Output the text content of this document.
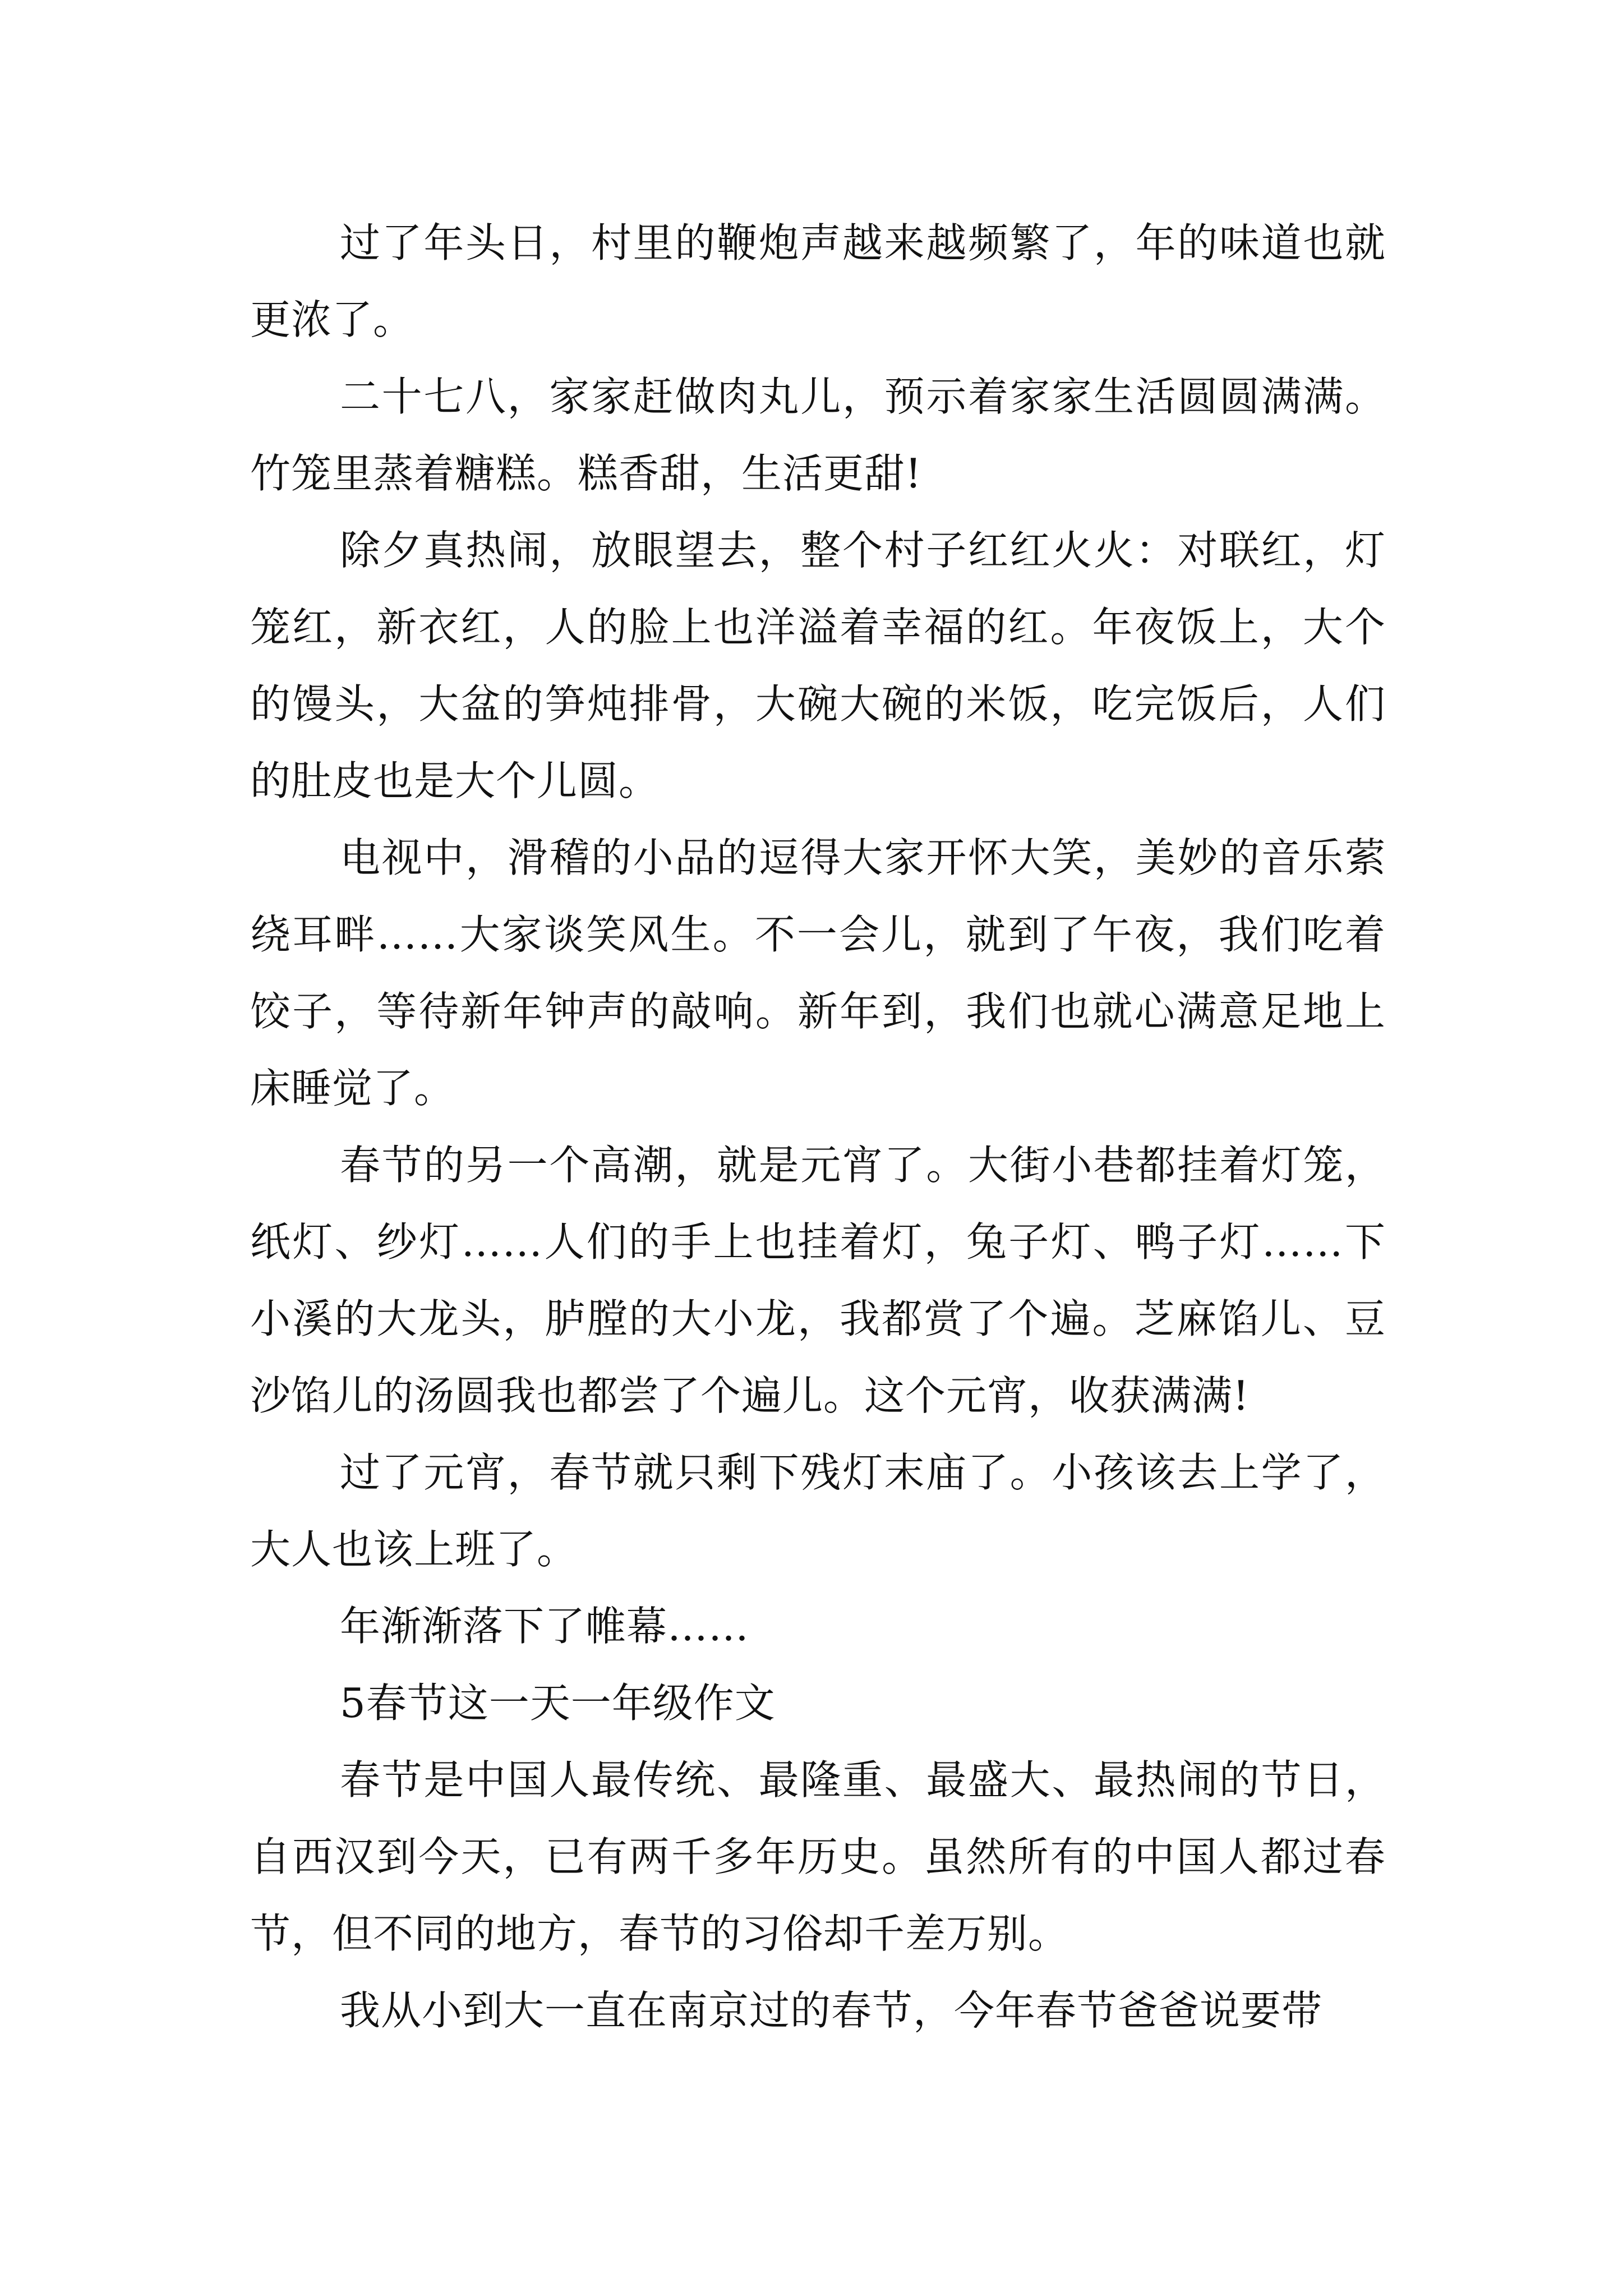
过了年头日，村里的鞭炮声越来越频繁了，年的味道也就更浓了。

二十七八，家家赶做肉丸儿，预示着家家生活圆圆满满。竹笼里蒸着糖糕。糕香甜，生活更甜!

除夕真热闹，放眼望去，整个村子红红火火：对联红，灯笼红，新衣红，人的脸上也洋溢着幸福的红。年夜饭上，大个的馒头，大盆的笋炖排骨，大碗大碗的米饭，吃完饭后，人们的肚皮也是大个儿圆。

电视中，滑稽的小品的逗得大家开怀大笑，美妙的音乐萦绕耳畔……大家谈笑风生。不一会儿，就到了午夜，我们吃着饺子，等待新年钟声的敲响。新年到，我们也就心满意足地上床睡觉了。

春节的另一个高潮，就是元宵了。大街小巷都挂着灯笼，纸灯、纱灯……人们的手上也挂着灯，兔子灯、鸭子灯……下小溪的大龙头，胪膛的大小龙，我都赏了个遍。芝麻馅儿、豆沙馅儿的汤圆我也都尝了个遍儿。这个元宵，收获满满!

过了元宵，春节就只剩下残灯末庙了。小孩该去上学了，大人也该上班了。

年渐渐落下了帷幕……

5春节这一天一年级作文

春节是中国人最传统、最隆重、最盛大、最热闹的节日，自西汉到今天，已有两千多年历史。虽然所有的中国人都过春节，但不同的地方，春节的习俗却千差万别。

我从小到大一直在南京过的春节，今年春节爸爸说要带
